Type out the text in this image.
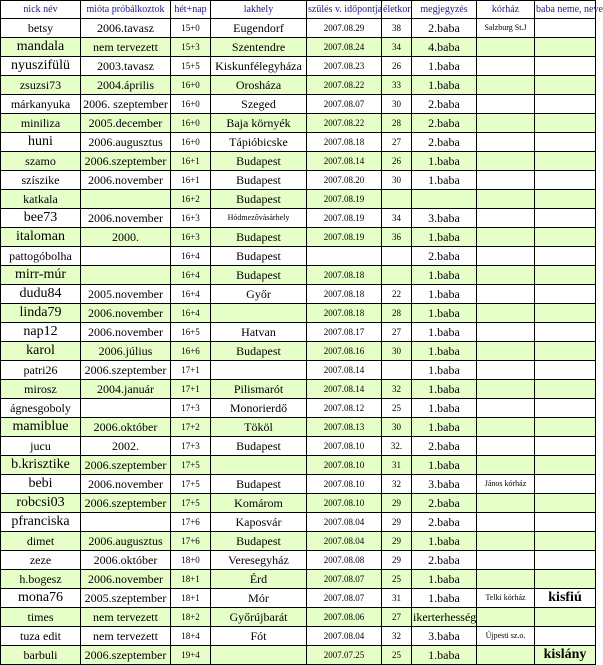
nick név	mióta próbálkoztok	hét+nap	lakhely	szülés v. időpontja	életkor	megjegyzés	kórház	baba neme, neve
betsy	2006.tavasz	15+0	Eugendorf	2007.08.29	38	2.baba	Salzburg St.J	
mandala	nem tervezett	15+3	Szentendre	2007.08.24	34	4.baba		
nyuszifülü	2003.tavasz	15+5	Kiskunfélegyháza	2007.08.23	26	1.baba		
zsuzsi73	2004.április	16+0	Orosháza	2007.08.22	33	1.baba		
márkanyuka	2006. szeptember	16+0	Szeged	2007.08.07	30	2.baba		
miniliza	2005.december	16+0	Baja környék	2007.08.22	28	2.baba		
huni	2006.augusztus	16+0	Tápióbicske	2007.08.18	27	2.baba		
szamo	2006.szeptember	16+1	Budapest	2007.08.14	26	1.baba		
szíszike	2006.november	16+1	Budapest	2007.08.20	30	1.baba		
katkala		16+2	Budapest	2007.08.19				
bee73	2006.november	16+3	Hódmezővásárhely	2007.08.19	34	3.baba		
italoman	2000.	16+3	Budapest	2007.08.19	36	1.baba		
pattogóbolha		16+4	Budapest			2.baba		
mirr-múr		16+4	Budapest	2007.08.18		1.baba		
dudu84	2005.november	16+4	Győr	2007.08.18	22	1.baba		
linda79	2006.november	16+4		2007.08.18	28	1.baba		
nap12	2006.november	16+5	Hatvan	2007.08.17	27	1.baba		
karol	2006.július	16+6	Budapest	2007.08.16	30	1.baba		
patri26	2006.szeptember	17+1		2007.08.14		1.baba		
mirosz	2004.január	17+1	Pilismarót	2007.08.14	32	1.baba		
ágnesgoboly		17+3	Monorierdő	2007.08.12	25	1.baba		
mamiblue	2006.október	17+2	Tököl	2007.08.13	30	1.baba		
jucu	2002.	17+3	Budapest	2007.08.10	32.	2.baba		
b.krisztike	2006.szeptember	17+5		2007.08.10	31	1.baba		
bebi	2006.november	17+5	Budapest	2007.08.10	32	3.baba	János kórház	
robcsi03	2006.szeptember	17+5	Komárom	2007.08.10	29	2.baba		
pfranciska		17+6	Kaposvár	2007.08.04	29	2.baba		
dimet	2006.augusztus	17+6	Budapest	2007.08.04	29	1.baba		
zeze	2006.október	18+0	Veresegyház	2007.08.08	29	2.baba		
h.bogesz	2006.november	18+1	Érd	2007.08.07	25	1.baba		
mona76	2005.szeptember	18+1	Mór	2007.08.07	31	1.baba	Telki kórház	kisfiú
times	nem tervezett	18+2	Győrújbarát	2007.08.06	27	ikerterhesség		
tuza edit	nem tervezett	18+4	Fót	2007.08.04	32	3.baba	Újpesti sz.o.	
barbuli	2006.szeptember	19+4		2007.07.25	25	1.baba		kislány
